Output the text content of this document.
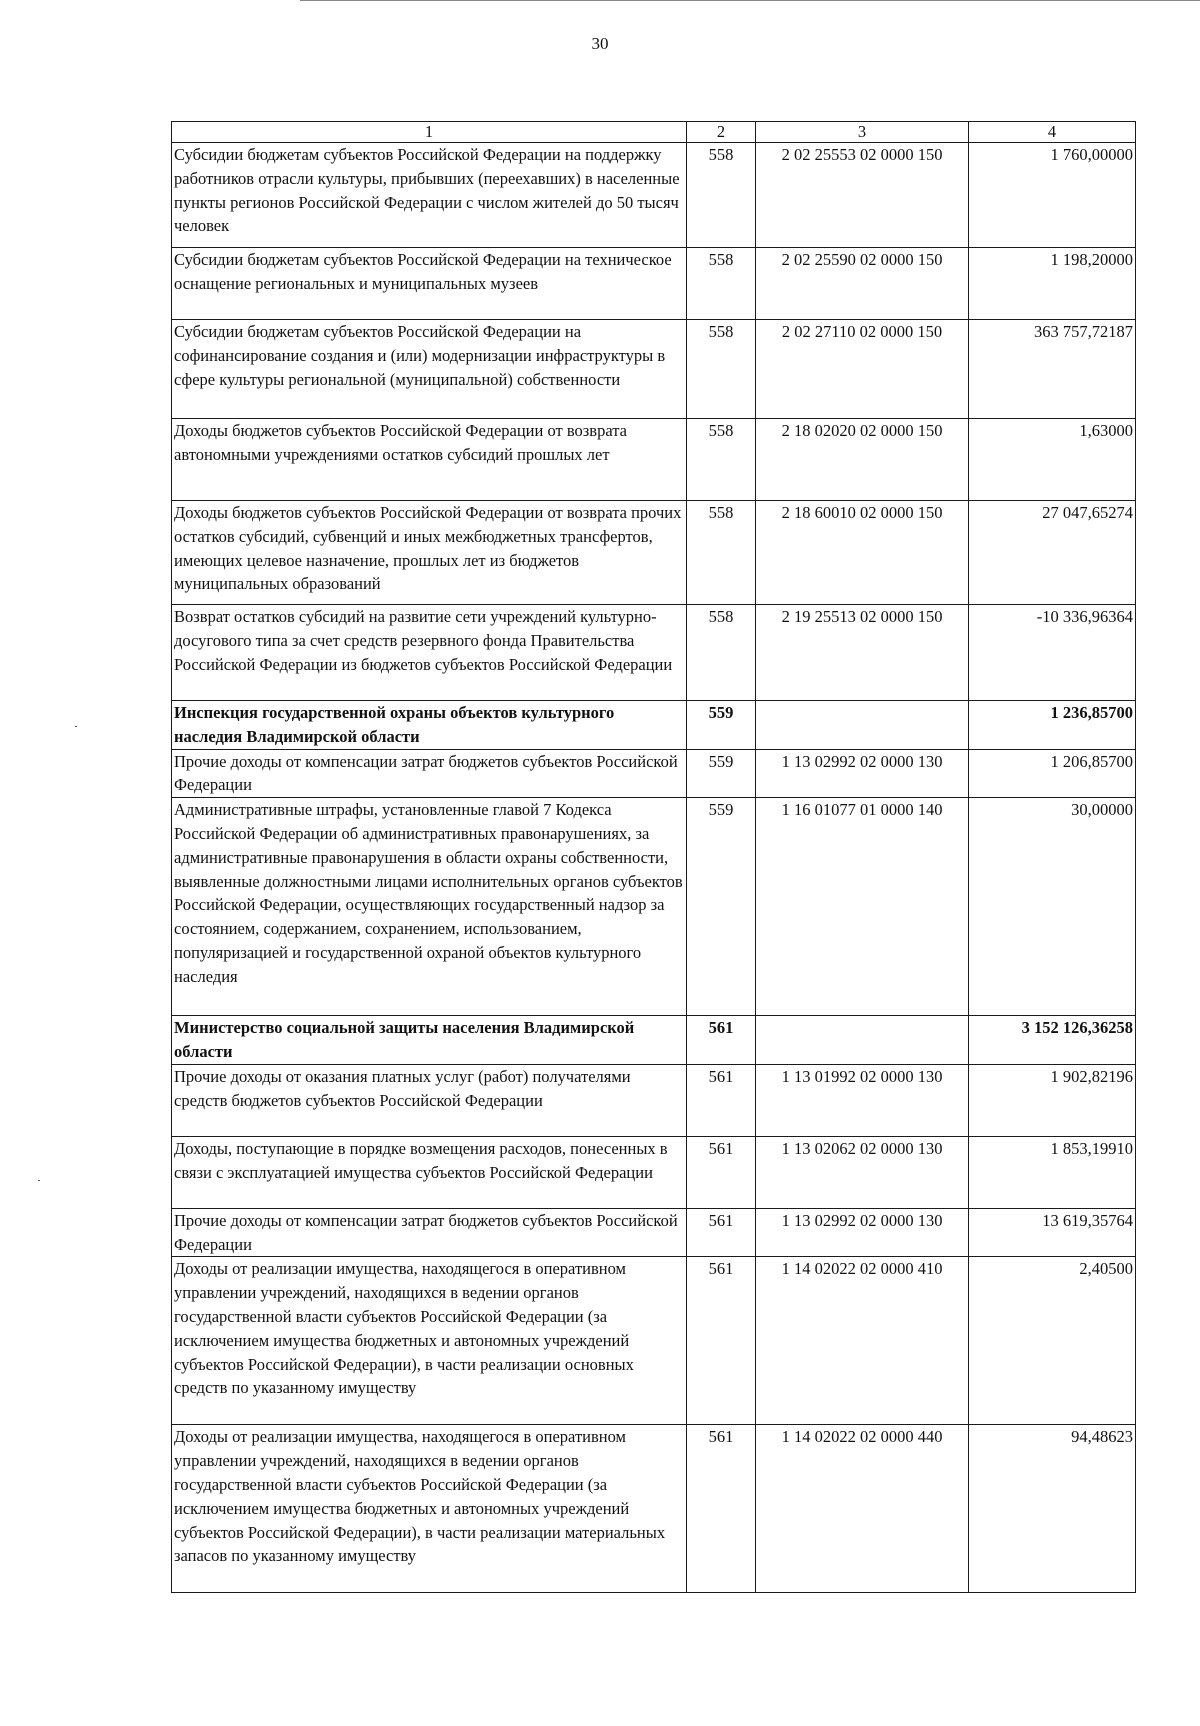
30
1	2	3	4
Субсидии бюджетам субъектов Российской Федерации на поддержку работников отрасли культуры, прибывших (переехавших) в населенные пункты регионов Российской Федерации с числом жителей до 50 тысяч человек	558	2 02 25553 02 0000 150	1 760,00000
Субсидии бюджетам субъектов Российской Федерации на техническое оснащение региональных и муниципальных музеев	558	2 02 25590 02 0000 150	1 198,20000
Субсидии бюджетам субъектов Российской Федерации на софинансирование создания и (или) модернизации инфраструктуры в сфере культуры региональной (муниципальной) собственности	558	2 02 27110 02 0000 150	363 757,72187
Доходы бюджетов субъектов Российской Федерации от возврата автономными учреждениями остатков субсидий прошлых лет	558	2 18 02020 02 0000 150	1,63000
Доходы бюджетов субъектов Российской Федерации от возврата прочих остатков субсидий, субвенций и иных межбюджетных трансфертов, имеющих целевое назначение, прошлых лет из бюджетов муниципальных образований	558	2 18 60010 02 0000 150	27 047,65274
Возврат остатков субсидий на развитие сети учреждений культурно-досугового типа за счет средств резервного фонда Правительства Российской Федерации из бюджетов субъектов Российской Федерации	558	2 19 25513 02 0000 150	-10 336,96364
Инспекция государственной охраны объектов культурного наследия Владимирской области	559		1 236,85700
Прочие доходы от компенсации затрат бюджетов субъектов Российской Федерации	559	1 13 02992 02 0000 130	1 206,85700
Административные штрафы, установленные главой 7 Кодекса Российской Федерации об административных правонарушениях, за административные правонарушения в области охраны собственности, выявленные должностными лицами исполнительных органов субъектов Российской Федерации, осуществляющих государственный надзор за состоянием, содержанием, сохранением, использованием, популяризацией и государственной охраной объектов культурного наследия	559	1 16 01077 01 0000 140	30,00000
Министерство социальной защиты населения Владимирской области	561		3 152 126,36258
Прочие доходы от оказания платных услуг (работ) получателями средств бюджетов субъектов Российской Федерации	561	1 13 01992 02 0000 130	1 902,82196
Доходы, поступающие в порядке возмещения расходов, понесенных в связи с эксплуатацией имущества субъектов Российской Федерации	561	1 13 02062 02 0000 130	1 853,19910
Прочие доходы от компенсации затрат бюджетов субъектов Российской Федерации	561	1 13 02992 02 0000 130	13 619,35764
Доходы от реализации имущества, находящегося в оперативном управлении учреждений, находящихся в ведении органов государственной власти субъектов Российской Федерации (за исключением имущества бюджетных и автономных учреждений субъектов Российской Федерации), в части реализации основных средств по указанному имуществу	561	1 14 02022 02 0000 410	2,40500
Доходы от реализации имущества, находящегося в оперативном управлении учреждений, находящихся в ведении органов государственной власти субъектов Российской Федерации (за исключением имущества бюджетных и автономных учреждений субъектов Российской Федерации), в части реализации материальных запасов по указанному имуществу	561	1 14 02022 02 0000 440	94,48623
